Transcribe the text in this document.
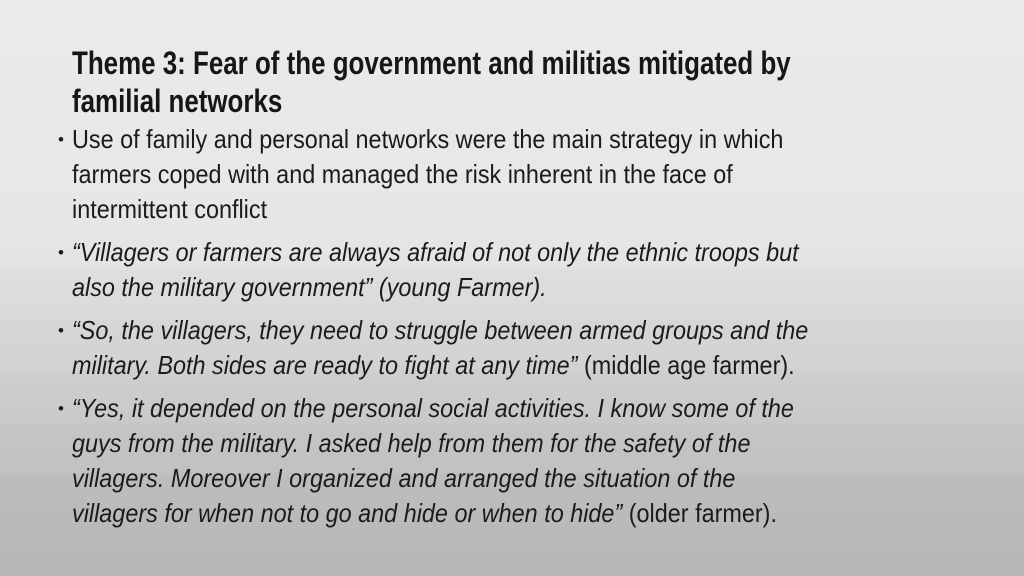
Theme 3: Fear of the government and militias mitigated by
familial networks
• Use of family and personal networks were the main strategy in which
farmers coped with and managed the risk inherent in the face of
intermittent conflict
• “Villagers or farmers are always afraid of not only the ethnic troops but
also the military government” (young Farmer).
• “So, the villagers, they need to struggle between armed groups and the
military. Both sides are ready to fight at any time” (middle age farmer).
• “Yes, it depended on the personal social activities. I know some of the
guys from the military. I asked help from them for the safety of the
villagers. Moreover I organized and arranged the situation of the
villagers for when not to go and hide or when to hide” (older farmer).
